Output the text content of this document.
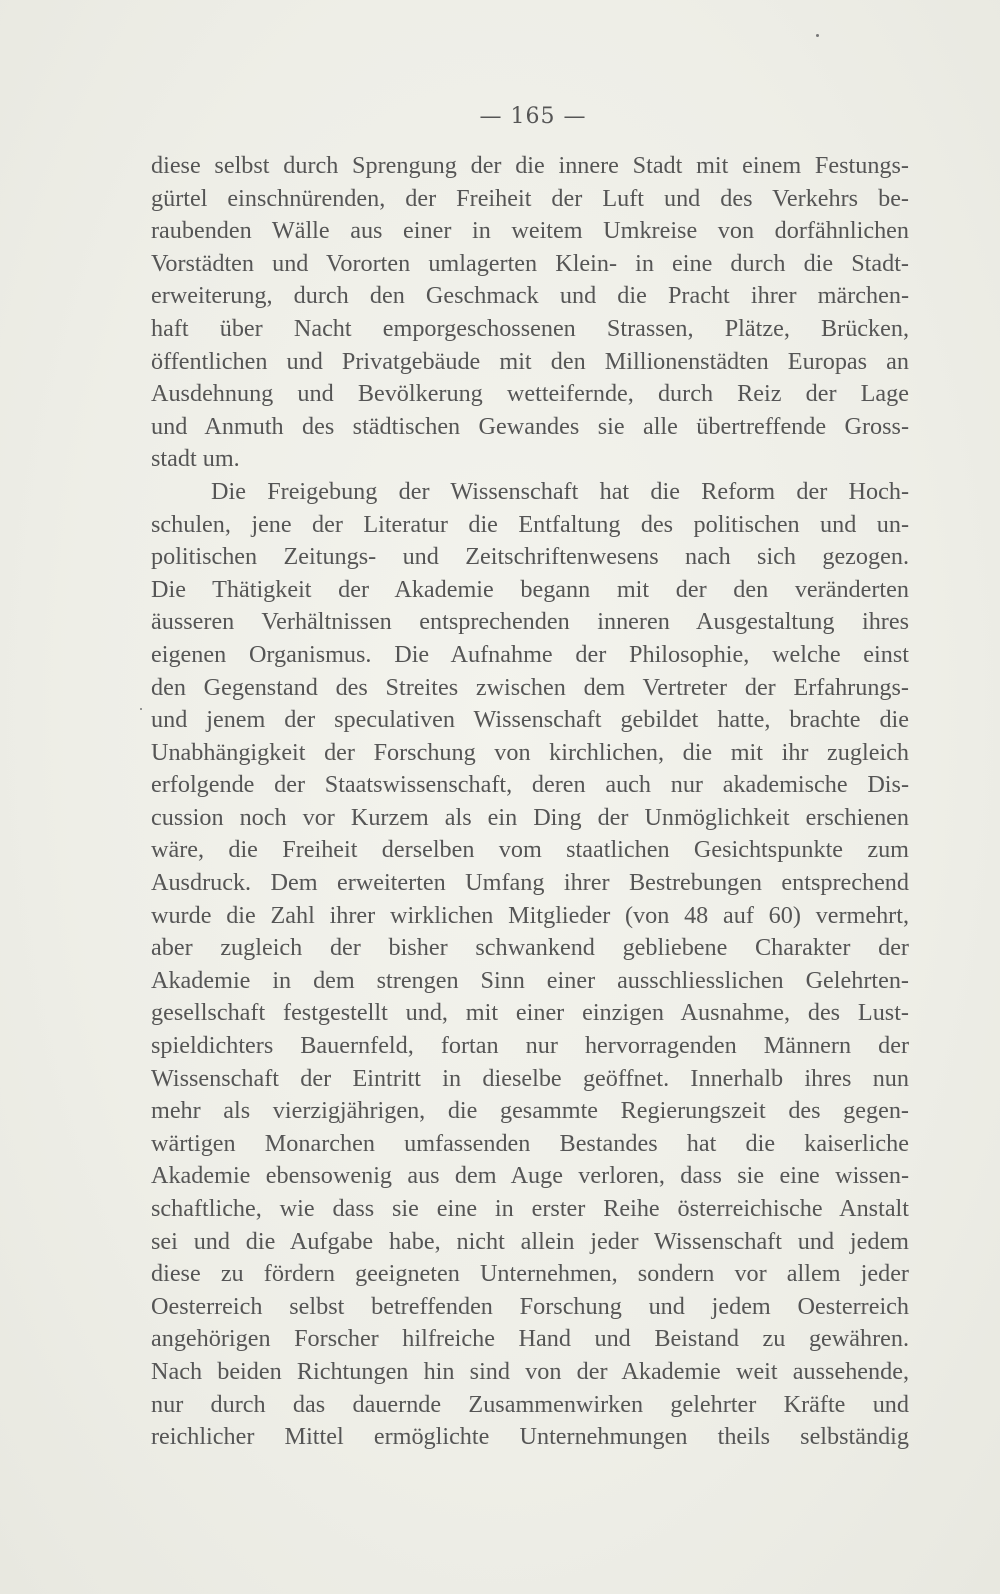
— 165 —
diese selbst durch Sprengung der die innere Stadt mit einem Festungs-
gürtel einschnürenden, der Freiheit der Luft und des Verkehrs be-
raubenden Wälle aus einer in weitem Umkreise von dorfähnlichen
Vorstädten und Vororten umlagerten Klein- in eine durch die Stadt-
erweiterung, durch den Geschmack und die Pracht ihrer märchen-
haft über Nacht emporgeschossenen Strassen, Plätze, Brücken,
öffentlichen und Privatgebäude mit den Millionenstädten Europas an
Ausdehnung und Bevölkerung wetteifernde, durch Reiz der Lage
und Anmuth des städtischen Gewandes sie alle übertreffende Gross-
stadt um.
Die Freigebung der Wissenschaft hat die Reform der Hoch-
schulen, jene der Literatur die Entfaltung des politischen und un-
politischen Zeitungs- und Zeitschriftenwesens nach sich gezogen.
Die Thätigkeit der Akademie begann mit der den veränderten
äusseren Verhältnissen entsprechenden inneren Ausgestaltung ihres
eigenen Organismus. Die Aufnahme der Philosophie, welche einst
den Gegenstand des Streites zwischen dem Vertreter der Erfahrungs-
und jenem der speculativen Wissenschaft gebildet hatte, brachte die
Unabhängigkeit der Forschung von kirchlichen, die mit ihr zugleich
erfolgende der Staatswissenschaft, deren auch nur akademische Dis-
cussion noch vor Kurzem als ein Ding der Unmöglichkeit erschienen
wäre, die Freiheit derselben vom staatlichen Gesichtspunkte zum
Ausdruck. Dem erweiterten Umfang ihrer Bestrebungen entsprechend
wurde die Zahl ihrer wirklichen Mitglieder (von 48 auf 60) vermehrt,
aber zugleich der bisher schwankend gebliebene Charakter der
Akademie in dem strengen Sinn einer ausschliesslichen Gelehrten-
gesellschaft festgestellt und, mit einer einzigen Ausnahme, des Lust-
spieldichters Bauernfeld, fortan nur hervorragenden Männern der
Wissenschaft der Eintritt in dieselbe geöffnet. Innerhalb ihres nun
mehr als vierzigjährigen, die gesammte Regierungszeit des gegen-
wärtigen Monarchen umfassenden Bestandes hat die kaiserliche
Akademie ebensowenig aus dem Auge verloren, dass sie eine wissen-
schaftliche, wie dass sie eine in erster Reihe österreichische Anstalt
sei und die Aufgabe habe, nicht allein jeder Wissenschaft und jedem
diese zu fördern geeigneten Unternehmen, sondern vor allem jeder
Oesterreich selbst betreffenden Forschung und jedem Oesterreich
angehörigen Forscher hilfreiche Hand und Beistand zu gewähren.
Nach beiden Richtungen hin sind von der Akademie weit aussehende,
nur durch das dauernde Zusammenwirken gelehrter Kräfte und
reichlicher Mittel ermöglichte Unternehmungen theils selbständig
